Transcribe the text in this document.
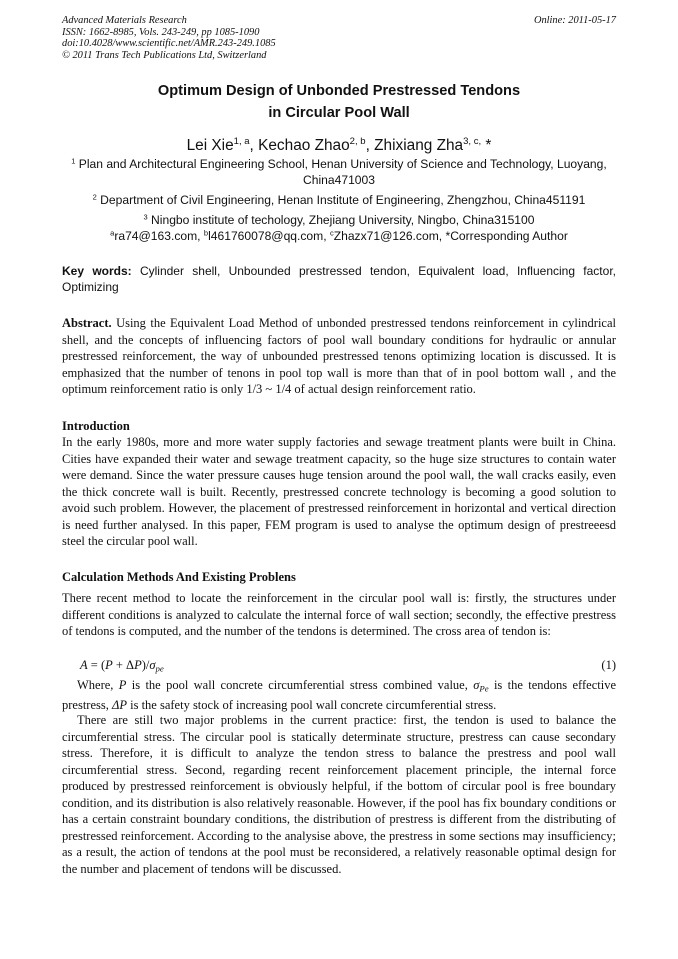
Advanced Materials Research
ISSN: 1662-8985, Vols. 243-249, pp 1085-1090
doi:10.4028/www.scientific.net/AMR.243-249.1085
© 2011 Trans Tech Publications Ltd, Switzerland
Online: 2011-05-17
Optimum Design of Unbonded Prestressed Tendons
in Circular Pool Wall
Lei Xie$^{1, a}$, Kechao Zhao$^{2, b}$, Zhixiang Zha$^{3, c,}$ *
$^1$ Plan and Architectural Engineering School, Henan University of Science and Technology, Luoyang, China471003
$^2$ Department of Civil Engineering, Henan Institute of Engineering, Zhengzhou, China451191
$^3$ Ningbo institute of techology, Zhejiang University, Ningbo, China315100
$^a$ra74@163.com, $^b$l461760078@qq.com, $^c$Zhazx71@126.com, *Corresponding Author
Key words: Cylinder shell, Unbounded prestressed tendon, Equivalent load, Influencing factor, Optimizing
Abstract. Using the Equivalent Load Method of unbonded prestressed tendons reinforcement in cylindrical shell, and the concepts of influencing factors of pool wall boundary conditions for hydraulic or annular prestressed reinforcement, the way of unbounded prestressed tenons optimizing location is discussed. It is emphasized that the number of tenons in pool top wall is more than that of in pool bottom wall , and the optimum reinforcement ratio is only 1/3 ~ 1/4 of actual design reinforcement ratio.
Introduction
In the early 1980s, more and more water supply factories and sewage treatment plants were built in China. Cities have expanded their water and sewage treatment capacity, so the huge size structures to contain water were demand. Since the water pressure causes huge tension around the pool wall, the wall cracks easily, even the thick concrete wall is built. Recently, prestressed concrete technology is becoming a good solution to avoid such problem. However, the placement of prestressed reinforcement in horizontal and vertical direction is need further analysed. In this paper, FEM program is used to analyse the optimum design of prestreeesd steel the circular pool wall.
Calculation Methods And Existing Problens
There recent method to locate the reinforcement in the circular pool wall is: firstly, the structures under different conditions is analyzed to calculate the internal force of wall section; secondly, the effective prestress of tendons is computed, and the number of the tendons is determined. The cross area of tendon is:
$A = (P + \Delta P)/\sigma_{pe}$	(1)
Where, P is the pool wall concrete circumferential stress combined value, $\sigma_{Pe}$ is the tendons effective prestress, ΔP is the safety stock of increasing pool wall concrete circumferential stress.
There are still two major problems in the current practice: first, the tendon is used to balance the circumferential stress. The circular pool is statically determinate structure, prestress can cause secondary stress. Therefore, it is difficult to analyze the tendon stress to balance the prestress and pool wall circumferential stress. Second, regarding recent reinforcement placement principle, the internal force produced by prestressed reinforcement is obviously helpful, if the bottom of circular pool is free boundary condition, and its distribution is also relatively reasonable. However, if the pool has fix boundary conditions or has a certain constraint boundary conditions, the distribution of prestress is different from the distributing of prestressed reinforcement. According to the analysise above, the prestress in some sections may insufficiency; as a result, the action of tendons at the pool must be reconsidered, a relatively reasonable optimal design for the number and placement of tendons will be discussed.
